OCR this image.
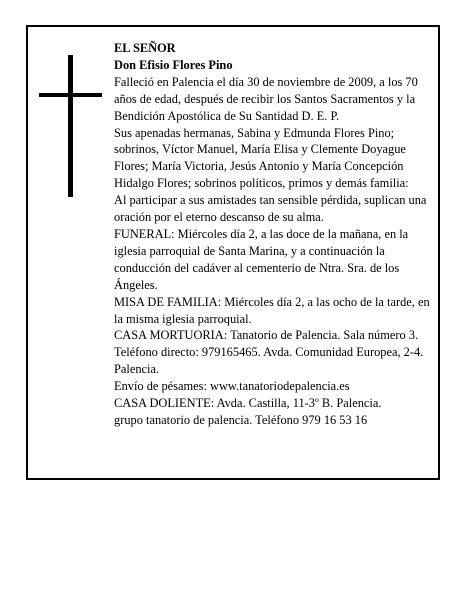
EL SEÑOR

Don Efisio Flores Pino

Falleció en Palencia el día 30 de noviembre de 2009, a los 70 años de edad, después de recibir los Santos Sacramentos y la Bendición Apostólica de Su Santidad D. E. P.

Sus apenadas hermanas, Sabina y Edmunda Flores Pino; sobrinos, Víctor Manuel, María Elisa y Clemente Doyague Flores; María Victoria, Jesús Antonio y María Concepción Hidalgo Flores; sobrinos políticos, primos y demás familia:

Al participar a sus amistades tan sensible pérdida, suplican una oración por el eterno descanso de su alma.

FUNERAL: Miércoles día 2, a las doce de la mañana, en la iglesia parroquial de Santa Marina, y a continuación la conducción del cadáver al cementerio de Ntra. Sra. de los Ángeles.

MISA DE FAMILIA: Miércoles día 2, a las ocho de la tarde, en la misma iglesia parroquial.

CASA MORTUORIA: Tanatorio de Palencia. Sala número 3. Teléfono directo: 979165465. Avda. Comunidad Europea, 2-4. Palencia.

Envío de pésames: www.tanatoriodepalencia.es

CASA DOLIENTE: Avda. Castilla, 11-3º B. Palencia.

grupo tanatorio de palencia. Teléfono 979 16 53 16
